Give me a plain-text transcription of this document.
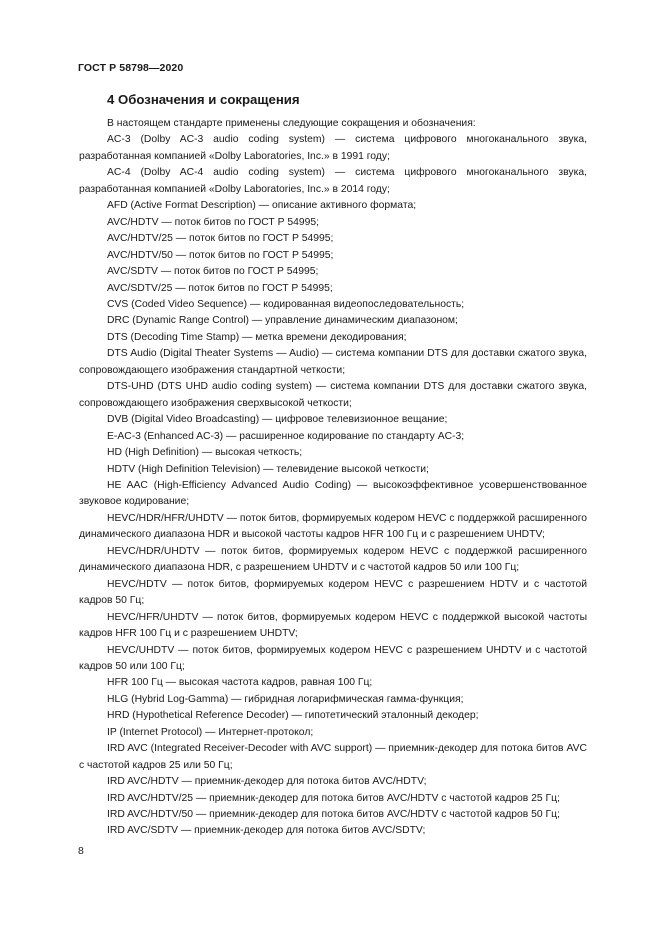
ГОСТ Р 58798—2020
4 Обозначения и сокращения

В настоящем стандарте применены следующие сокращения и обозначения:

AC-3 (Dolby AC-3 audio coding system) — система цифрового многоканального звука, разработанная компанией «Dolby Laboratories, Inc.» в 1991 году;

AC-4 (Dolby AC-4 audio coding system) — система цифрового многоканального звука, разработанная компанией «Dolby Laboratories, Inc.» в 2014 году;

AFD (Active Format Description) — описание активного формата;

AVC/HDTV — поток битов по ГОСТ Р 54995;

AVC/HDTV/25 — поток битов по ГОСТ Р 54995;

AVC/HDTV/50 — поток битов по ГОСТ Р 54995;

AVC/SDTV — поток битов по ГОСТ Р 54995;

AVC/SDTV/25 — поток битов по ГОСТ Р 54995;

CVS (Coded Video Sequence) — кодированная видеопоследовательность;

DRC (Dynamic Range Control) — управление динамическим диапазоном;

DTS (Decoding Time Stamp) — метка времени декодирования;

DTS Audio (Digital Theater Systems — Audio) — система компании DTS для доставки сжатого звука, сопровождающего изображения стандартной четкости;

DTS-UHD (DTS UHD audio coding system) — система компании DTS для доставки сжатого звука, сопровождающего изображения сверхвысокой четкости;

DVB (Digital Video Broadcasting) — цифровое телевизионное вещание;

E-AC-3 (Enhanced AC-3) — расширенное кодирование по стандарту AC-3;

HD (High Definition) — высокая четкость;

HDTV (High Definition Television) — телевидение высокой четкости;

HE AAC (High-Efficiency Advanced Audio Coding) — высокоэффективное усовершенствованное звуковое кодирование;

HEVC/HDR/HFR/UHDTV — поток битов, формируемых кодером HEVC с поддержкой расширенного динамического диапазона HDR и высокой частоты кадров HFR 100 Гц и с разрешением UHDTV;

HEVC/HDR/UHDTV — поток битов, формируемых кодером HEVC с поддержкой расширенного динамического диапазона HDR, с разрешением UHDTV и с частотой кадров 50 или 100 Гц;

HEVC/HDTV — поток битов, формируемых кодером HEVC с разрешением HDTV и с частотой кадров 50 Гц;

HEVC/HFR/UHDTV — поток битов, формируемых кодером HEVC с поддержкой высокой частоты кадров HFR 100 Гц и с разрешением UHDTV;

HEVC/UHDTV — поток битов, формируемых кодером HEVC с разрешением UHDTV и с частотой кадров 50 или 100 Гц;

HFR 100 Гц — высокая частота кадров, равная 100 Гц;

HLG (Hybrid Log-Gamma) — гибридная логарифмическая гамма-функция;

HRD (Hypothetical Reference Decoder) — гипотетический эталонный декодер;

IP (Internet Protocol) — Интернет-протокол;

IRD AVC (Integrated Receiver-Decoder with AVC support) — приемник-декодер для потока битов AVC с частотой кадров 25 или 50 Гц;

IRD AVC/HDTV — приемник-декодер для потока битов AVC/HDTV;

IRD AVC/HDTV/25 — приемник-декодер для потока битов AVC/HDTV с частотой кадров 25 Гц;

IRD AVC/HDTV/50 — приемник-декодер для потока битов AVC/HDTV с частотой кадров 50 Гц;

IRD AVC/SDTV — приемник-декодер для потока битов AVC/SDTV;

8
